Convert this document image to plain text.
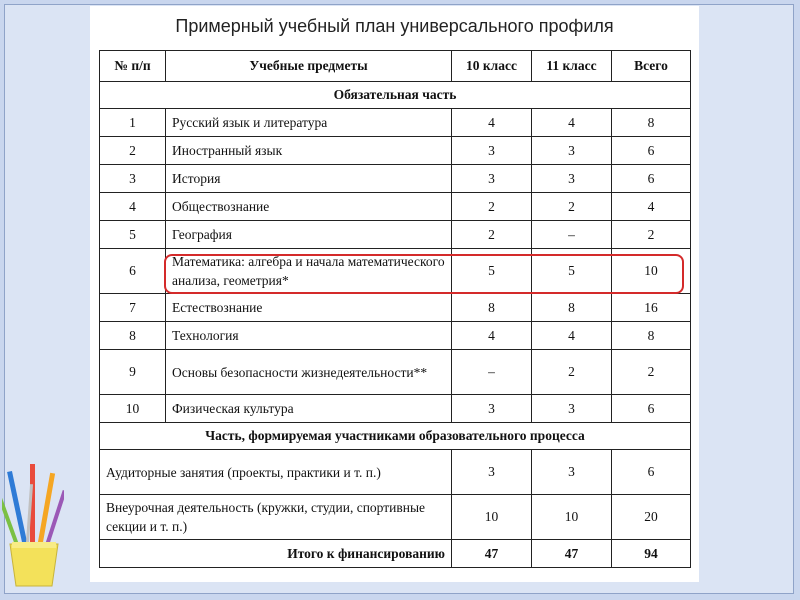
Примерный учебный план универсального профиля
№ п/п	Учебные предметы	10 класс	11 класс	Всего
Обязательная часть				
1	Русский язык и литература	4	4	8
2	Иностранный язык	3	3	6
3	История	3	3	6
4	Обществознание	2	2	4
5	География	2	–	2
6	Математика: алгебра и начала математического анализа, геометрия*	5	5	10
7	Естествознание	8	8	16
8	Технология	4	4	8
9	Основы безопасности жизнедеятельности**	–	2	2
10	Физическая культура	3	3	6
Часть, формируемая участниками образовательного процесса				
Аудиторные занятия (проекты, практики и т. п.)		3	3	6
Внеурочная деятельность (кружки, студии, спортивные секции и т. п.)		10	10	20
Итого к финансированию		47	47	94
